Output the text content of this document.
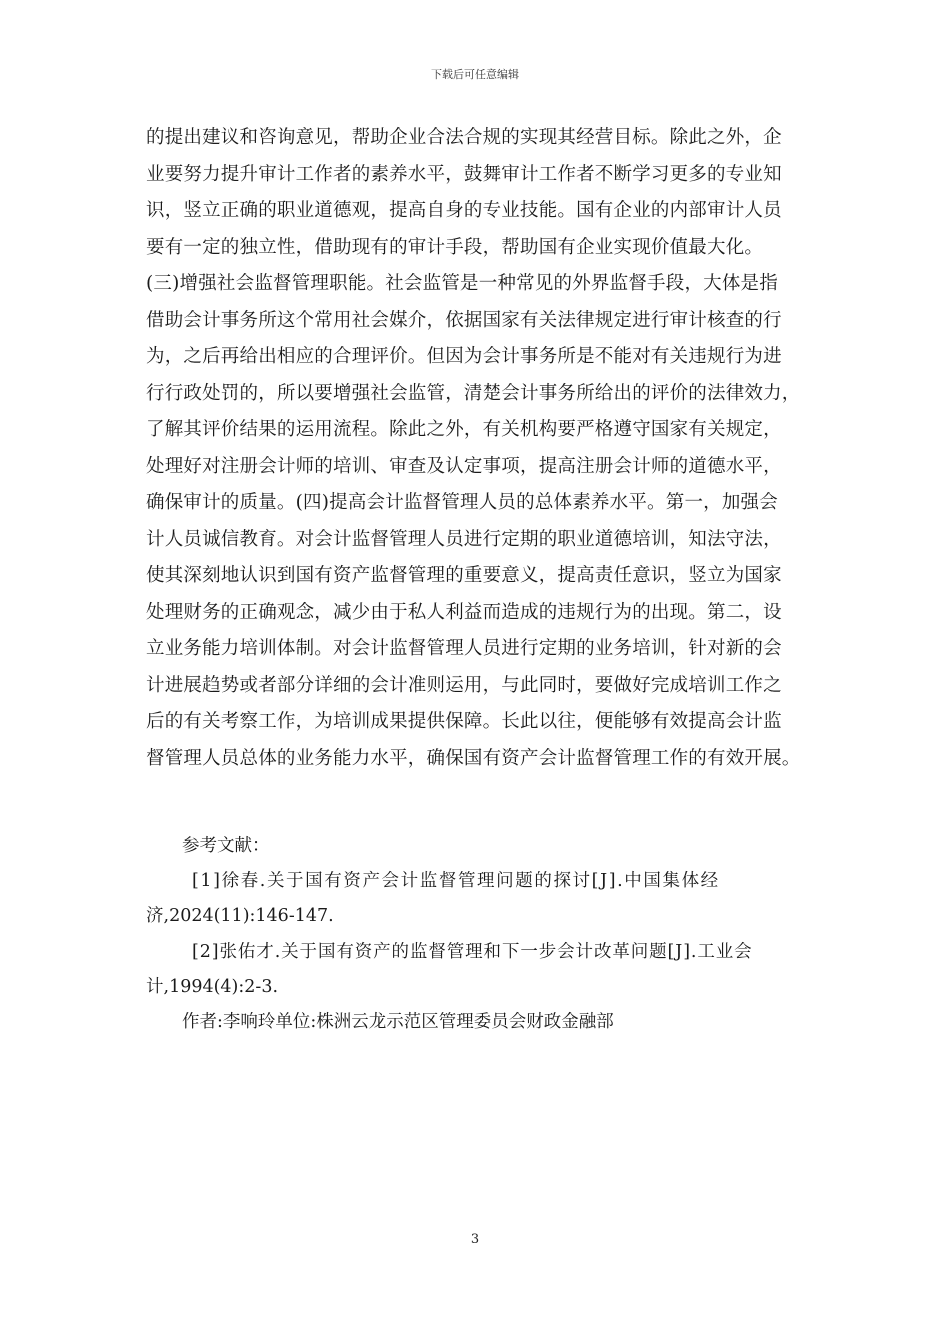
下载后可任意编辑
的提出建议和咨询意见，帮助企业合法合规的实现其经营目标。除此之外，企
业要努力提升审计工作者的素养水平，鼓舞审计工作者不断学习更多的专业知
识，竖立正确的职业道德观，提高自身的专业技能。国有企业的内部审计人员
要有一定的独立性，借助现有的审计手段，帮助国有企业实现价值最大化。
(三)增强社会监督管理职能。社会监管是一种常见的外界监督手段，大体是指
借助会计事务所这个常用社会媒介，依据国家有关法律规定进行审计核查的行
为，之后再给出相应的合理评价。但因为会计事务所是不能对有关违规行为进
行行政处罚的，所以要增强社会监管，清楚会计事务所给出的评价的法律效力，
了解其评价结果的运用流程。除此之外，有关机构要严格遵守国家有关规定，
处理好对注册会计师的培训、审查及认定事项，提高注册会计师的道德水平，
确保审计的质量。(四)提高会计监督管理人员的总体素养水平。第一，加强会
计人员诚信教育。对会计监督管理人员进行定期的职业道德培训，知法守法，
使其深刻地认识到国有资产监督管理的重要意义，提高责任意识，竖立为国家
处理财务的正确观念，减少由于私人利益而造成的违规行为的出现。第二，设
立业务能力培训体制。对会计监督管理人员进行定期的业务培训，针对新的会
计进展趋势或者部分详细的会计准则运用，与此同时，要做好完成培训工作之
后的有关考察工作，为培训成果提供保障。长此以往，便能够有效提高会计监
督管理人员总体的业务能力水平，确保国有资产会计监督管理工作的有效开展。
参考文献：
[1]徐春.关于国有资产会计监督管理问题的探讨[J].中国集体经
济,2024(11):146-147.
[2]张佑才.关于国有资产的监督管理和下一步会计改革问题[J].工业会
计,1994(4):2-3.
作者:李响玲单位:株洲云龙示范区管理委员会财政金融部
3
